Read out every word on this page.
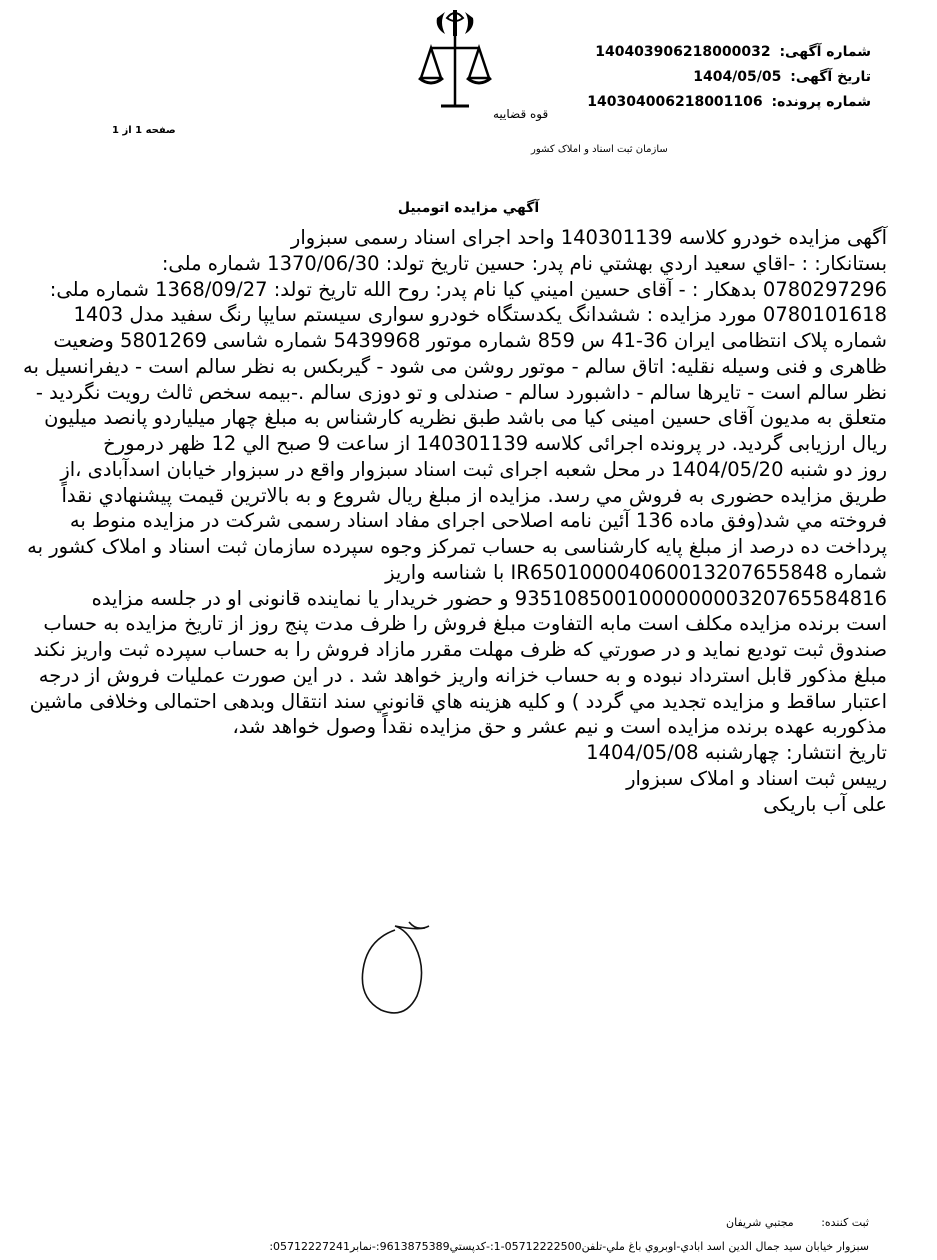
شماره آگهی: 14040390621800003​2
تاریخ آگهی: 1404/05/05
شماره پرونده: 14030400621800110​6
صفحه 1 از 1
قوه قضاییه
سازمان ثبت اسناد و املاک کشور
آگهي مزايده اتومبيل

آگهی مزایده خودرو کلاسه 140301139 واحد اجرای اسناد رسمی سبزوار

بستانکار: : -اقاي سعيد اردي بهشتي نام پدر: حسين تاريخ تولد: 1370/06/30 شماره ملی:

0780297296 بدهکار : - آقای حسين اميني کيا نام پدر: روح الله تاريخ تولد: 1368/09/27 شماره ملی:

0780101618 مورد مزایده : ششدانگ یکدستگاه خودرو سواری سیستم سایپا رنگ سفید مدل 1403

شماره پلاک انتظامی ایران 36-41 س 859 شماره موتور 5439968 شماره شاسی 5801269 وضعیت

ظاهری و فنی وسیله نقلیه: اتاق سالم - موتور روشن می شود - گیربکس به نظر سالم است - دیفرانسیل به

نظر سالم است - تایرها سالم - داشبورد سالم - صندلی و تو دوزی سالم .-بیمه سخص ثالث رویت نگردید -

متعلق به مدیون آقای حسین امینی کیا می باشد طبق نظریه کارشناس به مبلغ چهار میلیاردو پانصد میلیون

ريال ارزيابی گرديد. در پرونده اجرائی کلاسه 140301139 از ساعت 9 صبح الي 12 ظهر درمورخ

روز دو شنبه 1404/05/20 در محل شعبه اجرای ثبت اسناد سبزوار واقع در سبزوار خیابان اسدآبادی ،از

طریق مزایده حضوری به فروش مي رسد. مزايده از مبلغ ريال شروع و به بالاترين قيمت پيشنهادي نقداً

فروخته مي شد(وفق ماده 136 آئین نامه اصلاحی اجرای مفاد اسناد رسمی شرکت در مزایده منوط به

پرداخت ده درصد از مبلغ پایه کارشناسی به حساب تمرکز وجوه سپرده سازمان ثبت اسناد و املاک کشور به

شماره IR650100004060013207655848 با شناسه واریز

935108500100000000320765584816 و حضور خريدار يا نماينده قانونی او در جلسه مزایده

است برنده مزایده مکلف است مابه التفاوت مبلغ فروش را ظرف مدت پنج روز از تاریخ مزایده به حساب

صندوق ثبت توديع نمايد و در صورتي که ظرف مهلت مقرر مازاد فروش را به حساب سپرده ثبت واریز نکند

مبلغ مذکور قابل استرداد نبوده و به حساب خزانه واریز خواهد شد . در این صورت عملیات فروش از درجه

اعتبار ساقط و مزايده تجديد مي گردد ) و کليه هزينه هاي قانوني سند انتقال وبدهی احتمالی وخلافی ماشين

مذکوربه عهده برنده مزايده است و نیم عشر و حق مزایده نقداً وصول خواهد شد،

تاریخ انتشار: چهارشنبه 1404/05/08

رییس ثبت اسناد و املاک سبزوار

علی آب باریکی

ثبت کننده: مجتبي شريفان
سبزوار خيابان سيد جمال الدين اسد ابادي-اوبروي باغ ملي-تلفن05712222500-1:-کدپستي9613875389:-نمابر05712227241:
